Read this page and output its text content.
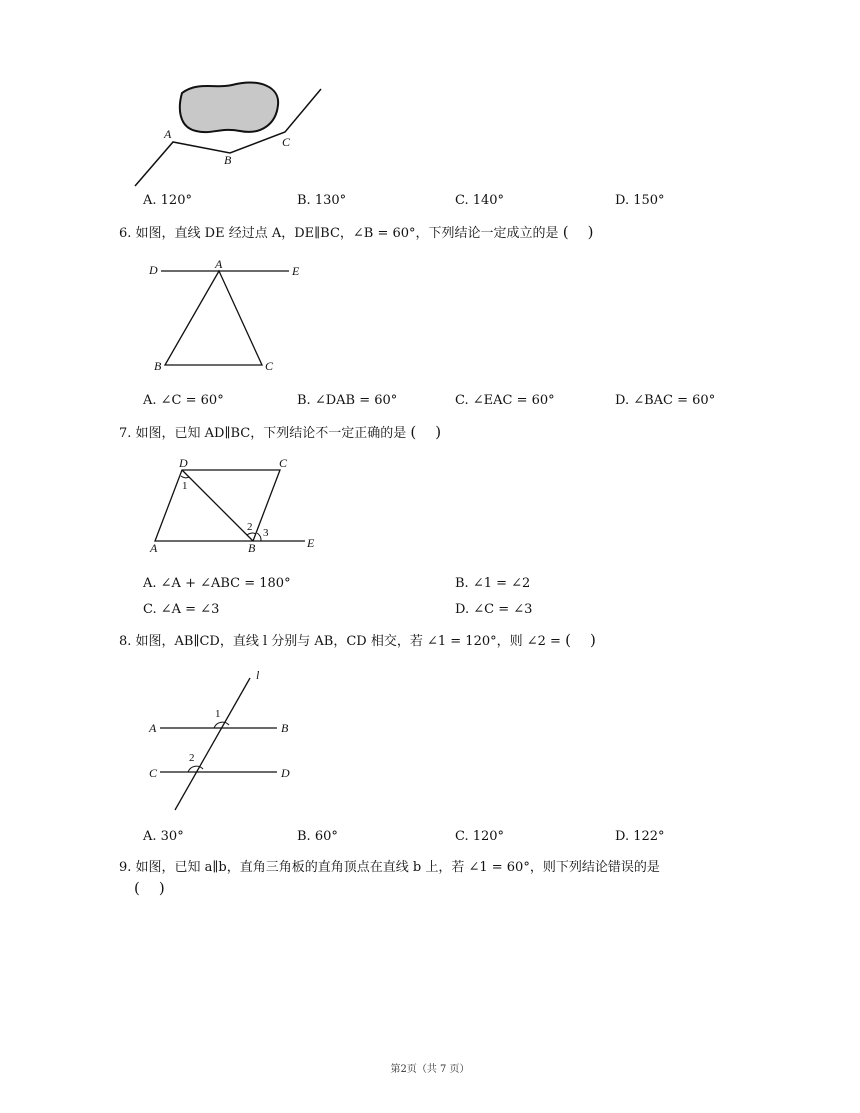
A
B
C
A. 120°	B. 130°	C. 140°	D. 150°
6. 如图，直线 DE 经过点 A，DE∥BC，∠B = 60°，下列结论一定成立的是 (    )
D	A	E
B	C
A. ∠C = 60°	B. ∠DAB = 60°	C. ∠EAC = 60°	D. ∠BAC = 60°
7. 如图，已知 AD∥BC，下列结论不一定正确的是 (    )
D	C
A	B	E
1
2 3
A. ∠A + ∠ABC = 180°	B. ∠1 = ∠2
C. ∠A = ∠3	D. ∠C = ∠3
8. 如图，AB∥CD，直线 l 分别与 AB，CD 相交，若 ∠1 = 120°，则 ∠2 = (    )
l
A	B
C	D
1
2
A. 30°	B. 60°	C. 120°	D. 122°
9. 如图，已知 a∥b，直角三角板的直角顶点在直线 b 上，若 ∠1 = 60°，则下列结论错误的是
(    )
第2页（共 7 页）
